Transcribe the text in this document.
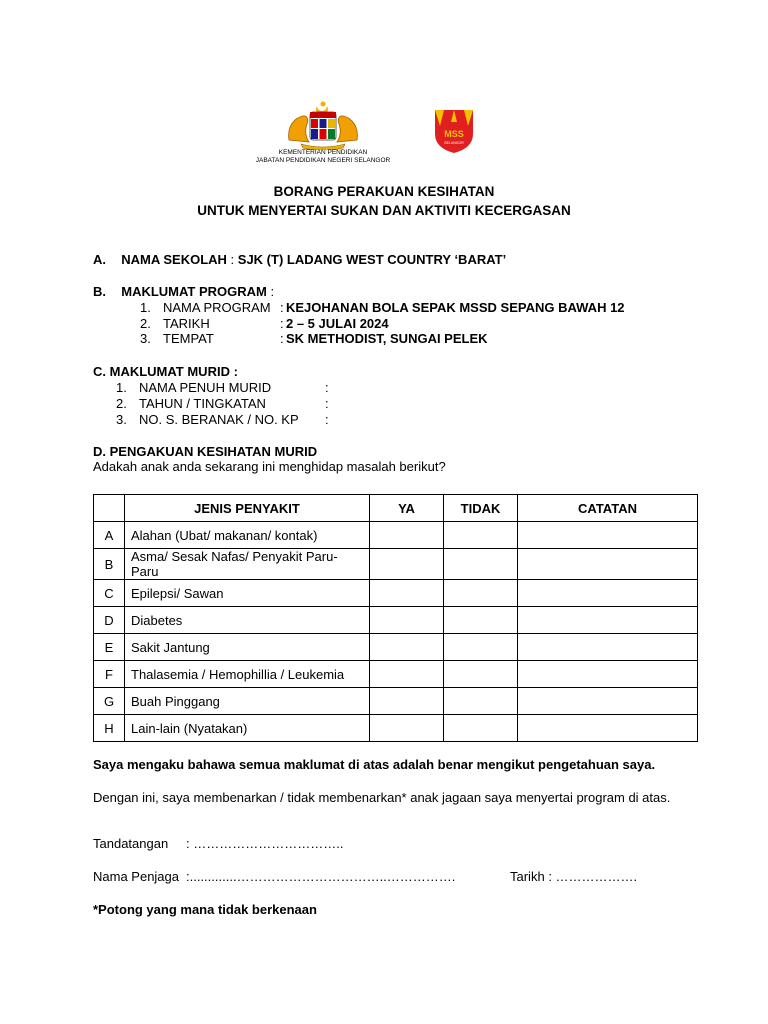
KEMENTERIAN PENDIDIKAN
JABATAN PENDIDIKAN NEGERI SELANGOR
MSS
SELANGOR
BORANG PERAKUAN KESIHATAN
UNTUK MENYERTAI SUKAN DAN AKTIVITI KECERGASAN
A. NAMA SEKOLAH : SJK (T) LADANG WEST COUNTRY ‘BARAT’
B. MAKLUMAT PROGRAM :
1. NAMA PROGRAM : KEJOHANAN BOLA SEPAK MSSD SEPANG BAWAH 12
2. TARIKH	: 2 – 5 JULAI 2024
3. TEMPAT	: SK METHODIST, SUNGAI PELEK
C. MAKLUMAT MURID :
1. NAMA PENUH MURID	:
2. TAHUN / TINGKATAN	:
3. NO. S. BERANAK / NO. KP :
D. PENGAKUAN KESIHATAN MURID
Adakah anak anda sekarang ini menghidap masalah berikut?
	JENIS PENYAKIT	YA	TIDAK	CATATAN
A	Alahan (Ubat/ makanan/ kontak)			
B	Asma/ Sesak Nafas/ Penyakit Paru-Paru			
C	Epilepsi/ Sawan			
D	Diabetes			
E	Sakit Jantung			
F	Thalasemia / Hemophillia / Leukemia			
G	Buah Pinggang			
H	Lain-lain (Nyatakan)			
Saya mengaku bahawa semua maklumat di atas adalah benar mengikut pengetahuan saya.
Dengan ini, saya membenarkan / tidak membenarkan* anak jagaan saya menyertai program di atas.
Tandatangan : ……………………………..
Nama Penjaga :.............……………………………..…………….	Tarikh : ……………….
*Potong yang mana tidak berkenaan
